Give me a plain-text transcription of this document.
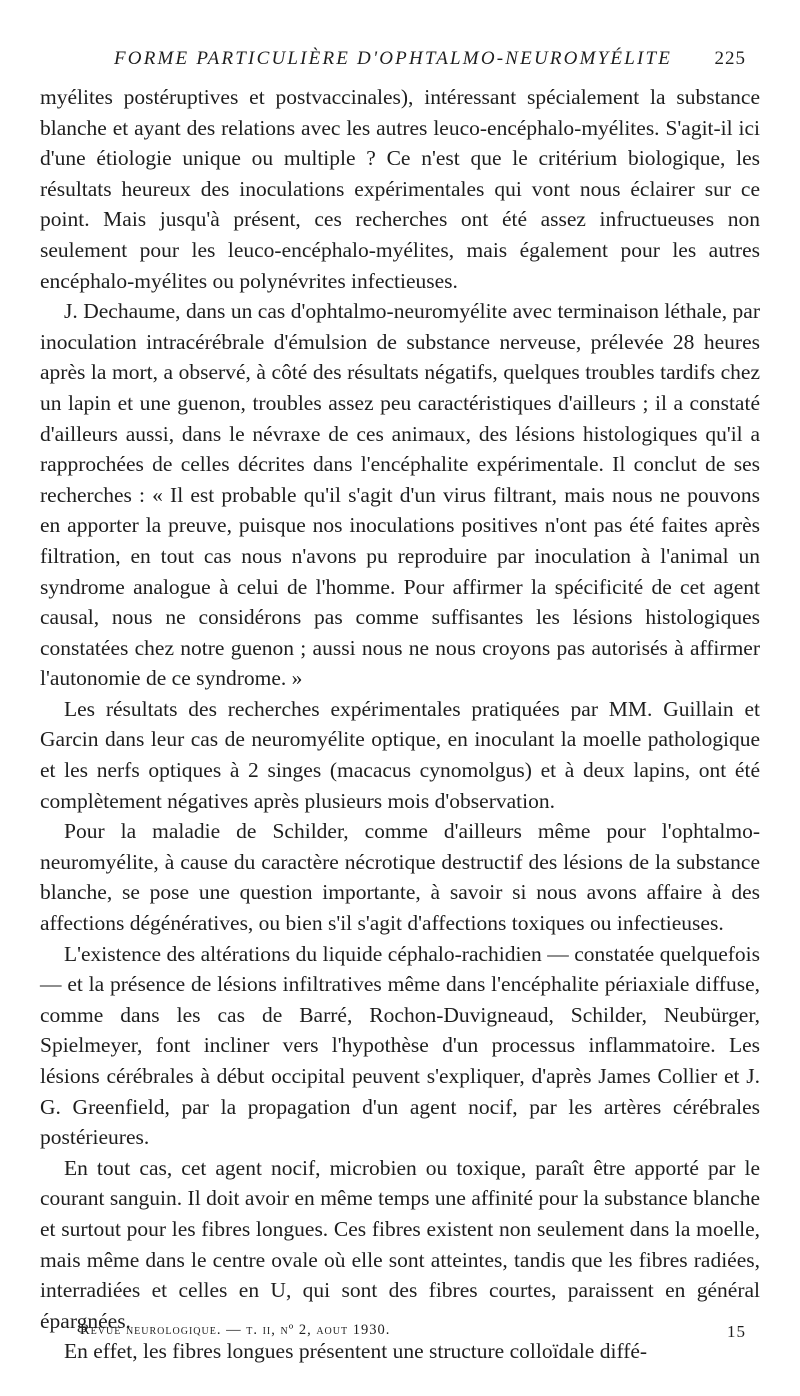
FORME PARTICULIÈRE D'OPHTALMO-NEUROMYÉLITE 225

myélites postéruptives et postvaccinales), intéressant spécialement la substance blanche et ayant des relations avec les autres leuco-encéphalo-myélites. S'agit-il ici d'une étiologie unique ou multiple ? Ce n'est que le critérium biologique, les résultats heureux des inoculations expérimentales qui vont nous éclairer sur ce point. Mais jusqu'à présent, ces recherches ont été assez infructueuses non seulement pour les leuco-encéphalo-myélites, mais également pour les autres encéphalo-myélites ou polynévrites infectieuses.

J. Dechaume, dans un cas d'ophtalmo-neuromyélite avec terminaison léthale, par inoculation intracérébrale d'émulsion de substance nerveuse, prélevée 28 heures après la mort, a observé, à côté des résultats négatifs, quelques troubles tardifs chez un lapin et une guenon, troubles assez peu caractéristiques d'ailleurs ; il a constaté d'ailleurs aussi, dans le névraxe de ces animaux, des lésions histologiques qu'il a rapprochées de celles décrites dans l'encéphalite expérimentale. Il conclut de ses recherches : « Il est probable qu'il s'agit d'un virus filtrant, mais nous ne pouvons en apporter la preuve, puisque nos inoculations positives n'ont pas été faites après filtration, en tout cas nous n'avons pu reproduire par inoculation à l'animal un syndrome analogue à celui de l'homme. Pour affirmer la spécificité de cet agent causal, nous ne considérons pas comme suffisantes les lésions histologiques constatées chez notre guenon ; aussi nous ne nous croyons pas autorisés à affirmer l'autonomie de ce syndrome. »

Les résultats des recherches expérimentales pratiquées par MM. Guillain et Garcin dans leur cas de neuromyélite optique, en inoculant la moelle pathologique et les nerfs optiques à 2 singes (macacus cynomolgus) et à deux lapins, ont été complètement négatives après plusieurs mois d'observation.

Pour la maladie de Schilder, comme d'ailleurs même pour l'ophtalmo-neuromyélite, à cause du caractère nécrotique destructif des lésions de la substance blanche, se pose une question importante, à savoir si nous avons affaire à des affections dégénératives, ou bien s'il s'agit d'affections toxiques ou infectieuses.

L'existence des altérations du liquide céphalo-rachidien — constatée quelquefois — et la présence de lésions infiltratives même dans l'encéphalite périaxiale diffuse, comme dans les cas de Barré, Rochon-Duvigneaud, Schilder, Neubürger, Spielmeyer, font incliner vers l'hypothèse d'un processus inflammatoire. Les lésions cérébrales à début occipital peuvent s'expliquer, d'après James Collier et J. G. Greenfield, par la propagation d'un agent nocif, par les artères cérébrales postérieures.

En tout cas, cet agent nocif, microbien ou toxique, paraît être apporté par le courant sanguin. Il doit avoir en même temps une affinité pour la substance blanche et surtout pour les fibres longues. Ces fibres existent non seulement dans la moelle, mais même dans le centre ovale où elle sont atteintes, tandis que les fibres radiées, interradiées et celles en U, qui sont des fibres courtes, paraissent en général épargnées.

En effet, les fibres longues présentent une structure colloïdale diffé-

Revue neurologique. — t. ii, nº 2, aout 1930.	15
